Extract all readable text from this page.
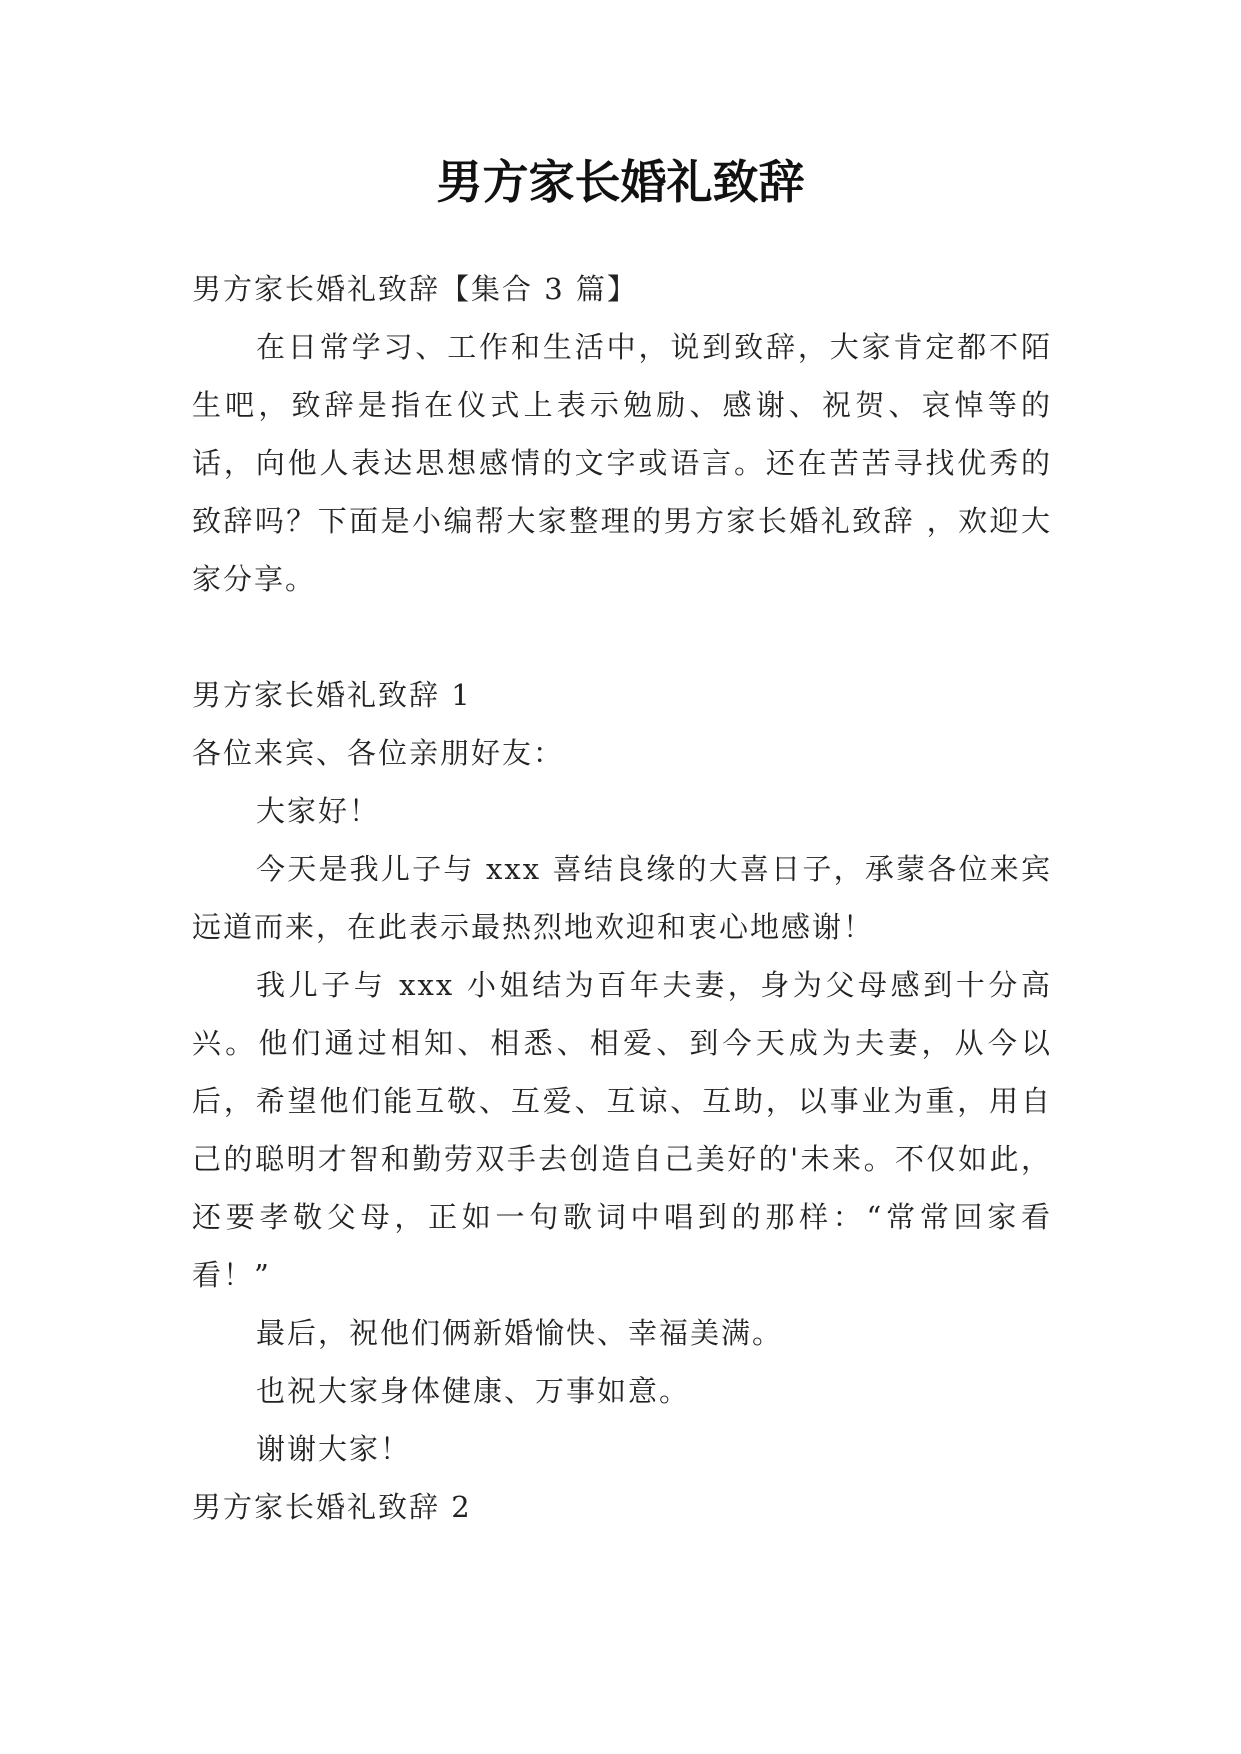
男方家长婚礼致辞

男方家长婚礼致辞【集合 3 篇】

在日常学习、工作和生活中，说到致辞，大家肯定都不陌生吧，致辞是指在仪式上表示勉励、感谢、祝贺、哀悼等的话，向他人表达思想感情的文字或语言。还在苦苦寻找优秀的致辞吗？下面是小编帮大家整理的男方家长婚礼致辞 ，欢迎大家分享。

男方家长婚礼致辞 1

各位来宾、各位亲朋好友：

大家好！

今天是我儿子与 xxx 喜结良缘的大喜日子，承蒙各位来宾远道而来，在此表示最热烈地欢迎和衷心地感谢！

我儿子与 xxx 小姐结为百年夫妻，身为父母感到十分高兴。他们通过相知、相悉、相爱、到今天成为夫妻，从今以后，希望他们能互敬、互爱、互谅、互助，以事业为重，用自己的聪明才智和勤劳双手去创造自己美好的'未来。不仅如此，还要孝敬父母，正如一句歌词中唱到的那样：“常常回家看看！”

最后，祝他们俩新婚愉快、幸福美满。

也祝大家身体健康、万事如意。

谢谢大家！

男方家长婚礼致辞 2
